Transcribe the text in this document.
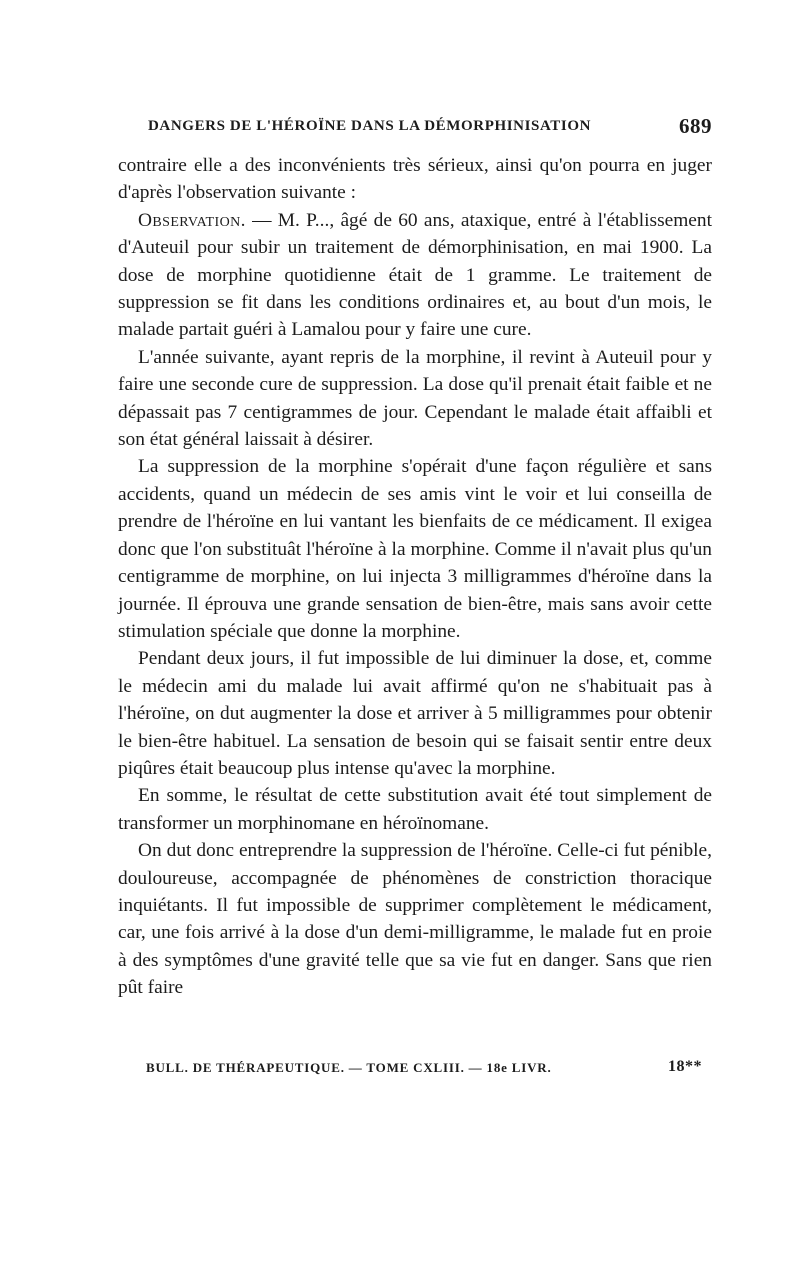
DANGERS DE L'HÉROÏNE DANS LA DÉMORPHINISATION	689

contraire elle a des inconvénients très sérieux, ainsi qu'on pourra en juger d'après l'observation suivante :

Observation. — M. P..., âgé de 60 ans, ataxique, entré à l'établissement d'Auteuil pour subir un traitement de démorphinisation, en mai 1900. La dose de morphine quotidienne était de 1 gramme. Le traitement de suppression se fit dans les conditions ordinaires et, au bout d'un mois, le malade partait guéri à Lamalou pour y faire une cure.

L'année suivante, ayant repris de la morphine, il revint à Auteuil pour y faire une seconde cure de suppression. La dose qu'il prenait était faible et ne dépassait pas 7 centigrammes de jour. Cependant le malade était affaibli et son état général laissait à désirer.

La suppression de la morphine s'opérait d'une façon régulière et sans accidents, quand un médecin de ses amis vint le voir et lui conseilla de prendre de l'héroïne en lui vantant les bienfaits de ce médicament. Il exigea donc que l'on substituât l'héroïne à la morphine. Comme il n'avait plus qu'un centigramme de morphine, on lui injecta 3 milligrammes d'héroïne dans la journée. Il éprouva une grande sensation de bien-être, mais sans avoir cette stimulation spéciale que donne la morphine.

Pendant deux jours, il fut impossible de lui diminuer la dose, et, comme le médecin ami du malade lui avait affirmé qu'on ne s'habituait pas à l'héroïne, on dut augmenter la dose et arriver à 5 milligrammes pour obtenir le bien-être habituel. La sensation de besoin qui se faisait sentir entre deux piqûres était beaucoup plus intense qu'avec la morphine.

En somme, le résultat de cette substitution avait été tout simplement de transformer un morphinomane en héroïnomane.

On dut donc entreprendre la suppression de l'héroïne. Celle-ci fut pénible, douloureuse, accompagnée de phénomènes de constriction thoracique inquiétants. Il fut impossible de supprimer complètement le médicament, car, une fois arrivé à la dose d'un demi-milligramme, le malade fut en proie à des symptômes d'une gravité telle que sa vie fut en danger. Sans que rien pût faire

BULL. DE THÉRAPEUTIQUE. — TOME CXLIII. — 18e LIVR.	18**
